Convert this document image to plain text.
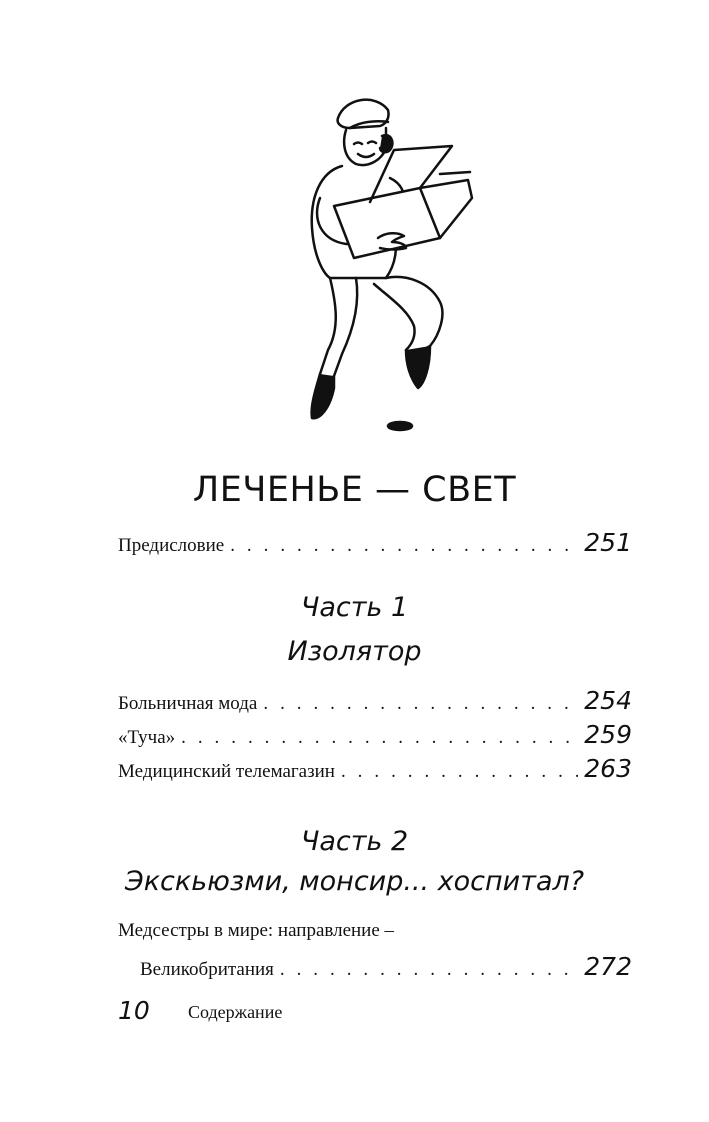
ЛЕЧЕНЬЕ — СВЕТ
Предисловие . . .	251
Часть 1
Изолятор
Больничная мода . . .	254
«Туча» . . .	259
Медицинский телемагазин . . .	263
Часть 2
Экскьюзми, монсир... хоспитал?
Медсестры в мире: направление –
Великобритания . . .	272
10 Содержание
